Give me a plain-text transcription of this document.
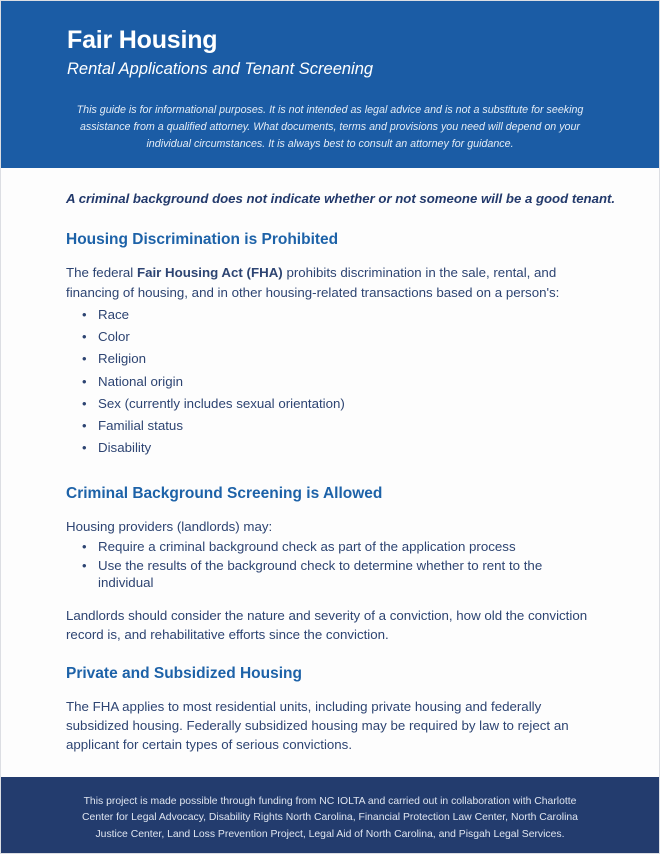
Fair Housing
Rental Applications and Tenant Screening
This guide is for informational purposes. It is not intended as legal advice and is not a substitute for seeking assistance from a qualified attorney. What documents, terms and provisions you need will depend on your individual circumstances. It is always best to consult an attorney for guidance.
A criminal background does not indicate whether or not someone will be a good tenant.
Housing Discrimination is Prohibited

The federal Fair Housing Act (FHA) prohibits discrimination in the sale, rental, and financing of housing, and in other housing-related transactions based on a person's:

• Race
• Color
• Religion
• National origin
• Sex (currently includes sexual orientation)
• Familial status
• Disability
Criminal Background Screening is Allowed

Housing providers (landlords) may:

• Require a criminal background check as part of the application process
• Use the results of the background check to determine whether to rent to the individual

Landlords should consider the nature and severity of a conviction, how old the conviction record is, and rehabilitative efforts since the conviction.

Private and Subsidized Housing

The FHA applies to most residential units, including private housing and federally subsidized housing. Federally subsidized housing may be required by law to reject an applicant for certain types of serious convictions.

This project is made possible through funding from NC IOLTA and carried out in collaboration with Charlotte Center for Legal Advocacy, Disability Rights North Carolina, Financial Protection Law Center, North Carolina Justice Center, Land Loss Prevention Project, Legal Aid of North Carolina, and Pisgah Legal Services.
